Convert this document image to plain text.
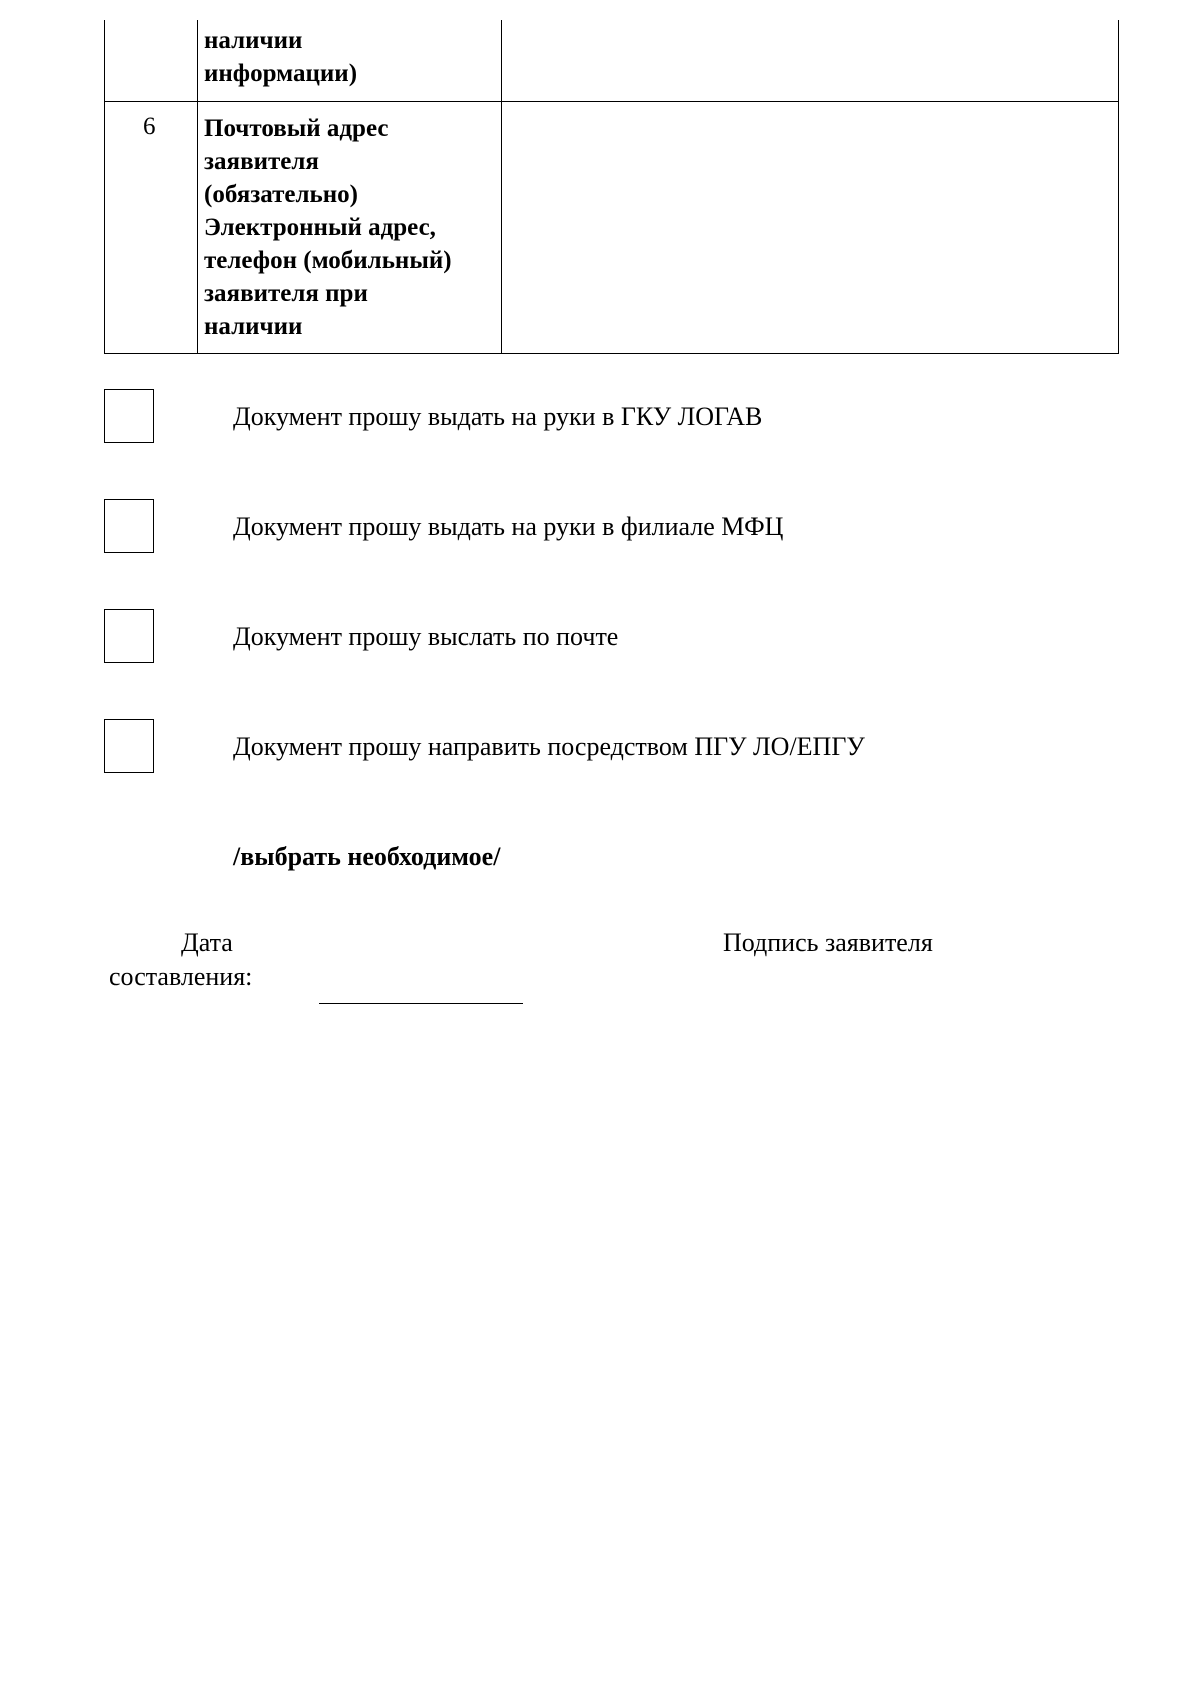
наличии
информации)
6 Почтовый адрес
заявителя
(обязательно)
Электронный адрес,
телефон (мобильный)
заявителя при
наличии
Документ прошу выдать на руки в ГКУ ЛОГАВ
Документ прошу выдать на руки в филиале МФЦ
Документ прошу выслать по почте
Документ прошу направить посредством ПГУ ЛО/ЕПГУ
/выбрать необходимое/
Дата
составления:
Подпись заявителя
